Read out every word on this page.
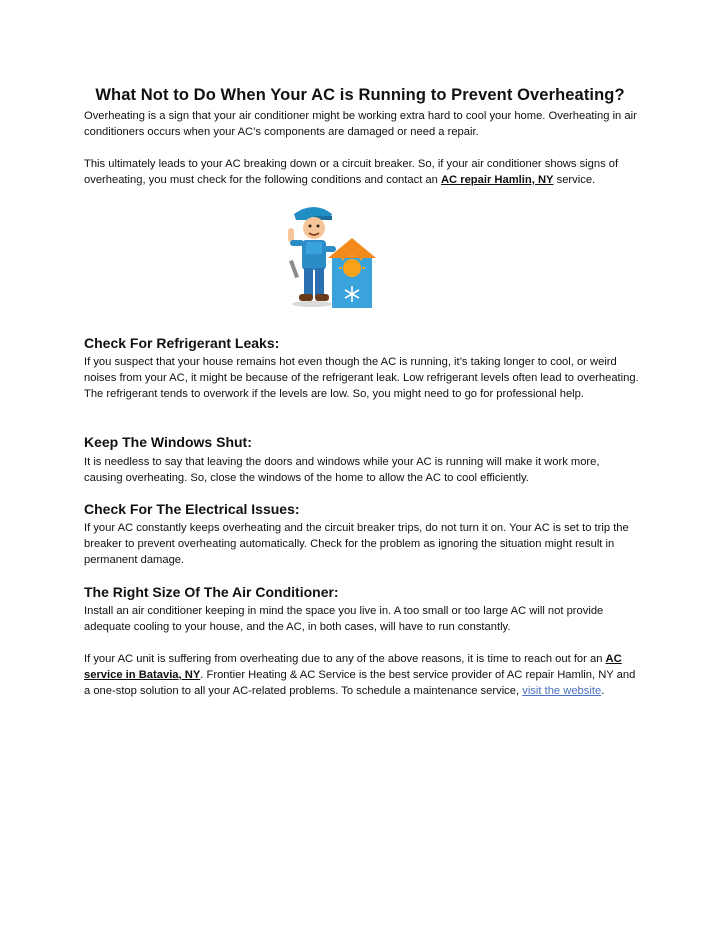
What Not to Do When Your AC is Running to Prevent Overheating?
Overheating is a sign that your air conditioner might be working extra hard to cool your home. Overheating in air conditioners occurs when your AC’s components are damaged or need a repair.
This ultimately leads to your AC breaking down or a circuit breaker. So, if your air conditioner shows signs of overheating, you must check for the following conditions and contact an AC repair Hamlin, NY service.
Check For Refrigerant Leaks:
If you suspect that your house remains hot even though the AC is running, it’s taking longer to cool, or weird noises from your AC, it might be because of the refrigerant leak. Low refrigerant levels often lead to overheating. The refrigerant tends to overwork if the levels are low. So, you might need to go for professional help.
Keep The Windows Shut:
It is needless to say that leaving the doors and windows while your AC is running will make it work more, causing overheating. So, close the windows of the home to allow the AC to cool efficiently.
Check For The Electrical Issues:
If your AC constantly keeps overheating and the circuit breaker trips, do not turn it on. Your AC is set to trip the breaker to prevent overheating automatically. Check for the problem as ignoring the situation might result in permanent damage.
The Right Size Of The Air Conditioner:
Install an air conditioner keeping in mind the space you live in. A too small or too large AC will not provide adequate cooling to your house, and the AC, in both cases, will have to run constantly.
If your AC unit is suffering from overheating due to any of the above reasons, it is time to reach out for an AC service in Batavia, NY. Frontier Heating & AC Service is the best service provider of AC repair Hamlin, NY and a one-stop solution to all your AC-related problems. To schedule a maintenance service, visit the website.
